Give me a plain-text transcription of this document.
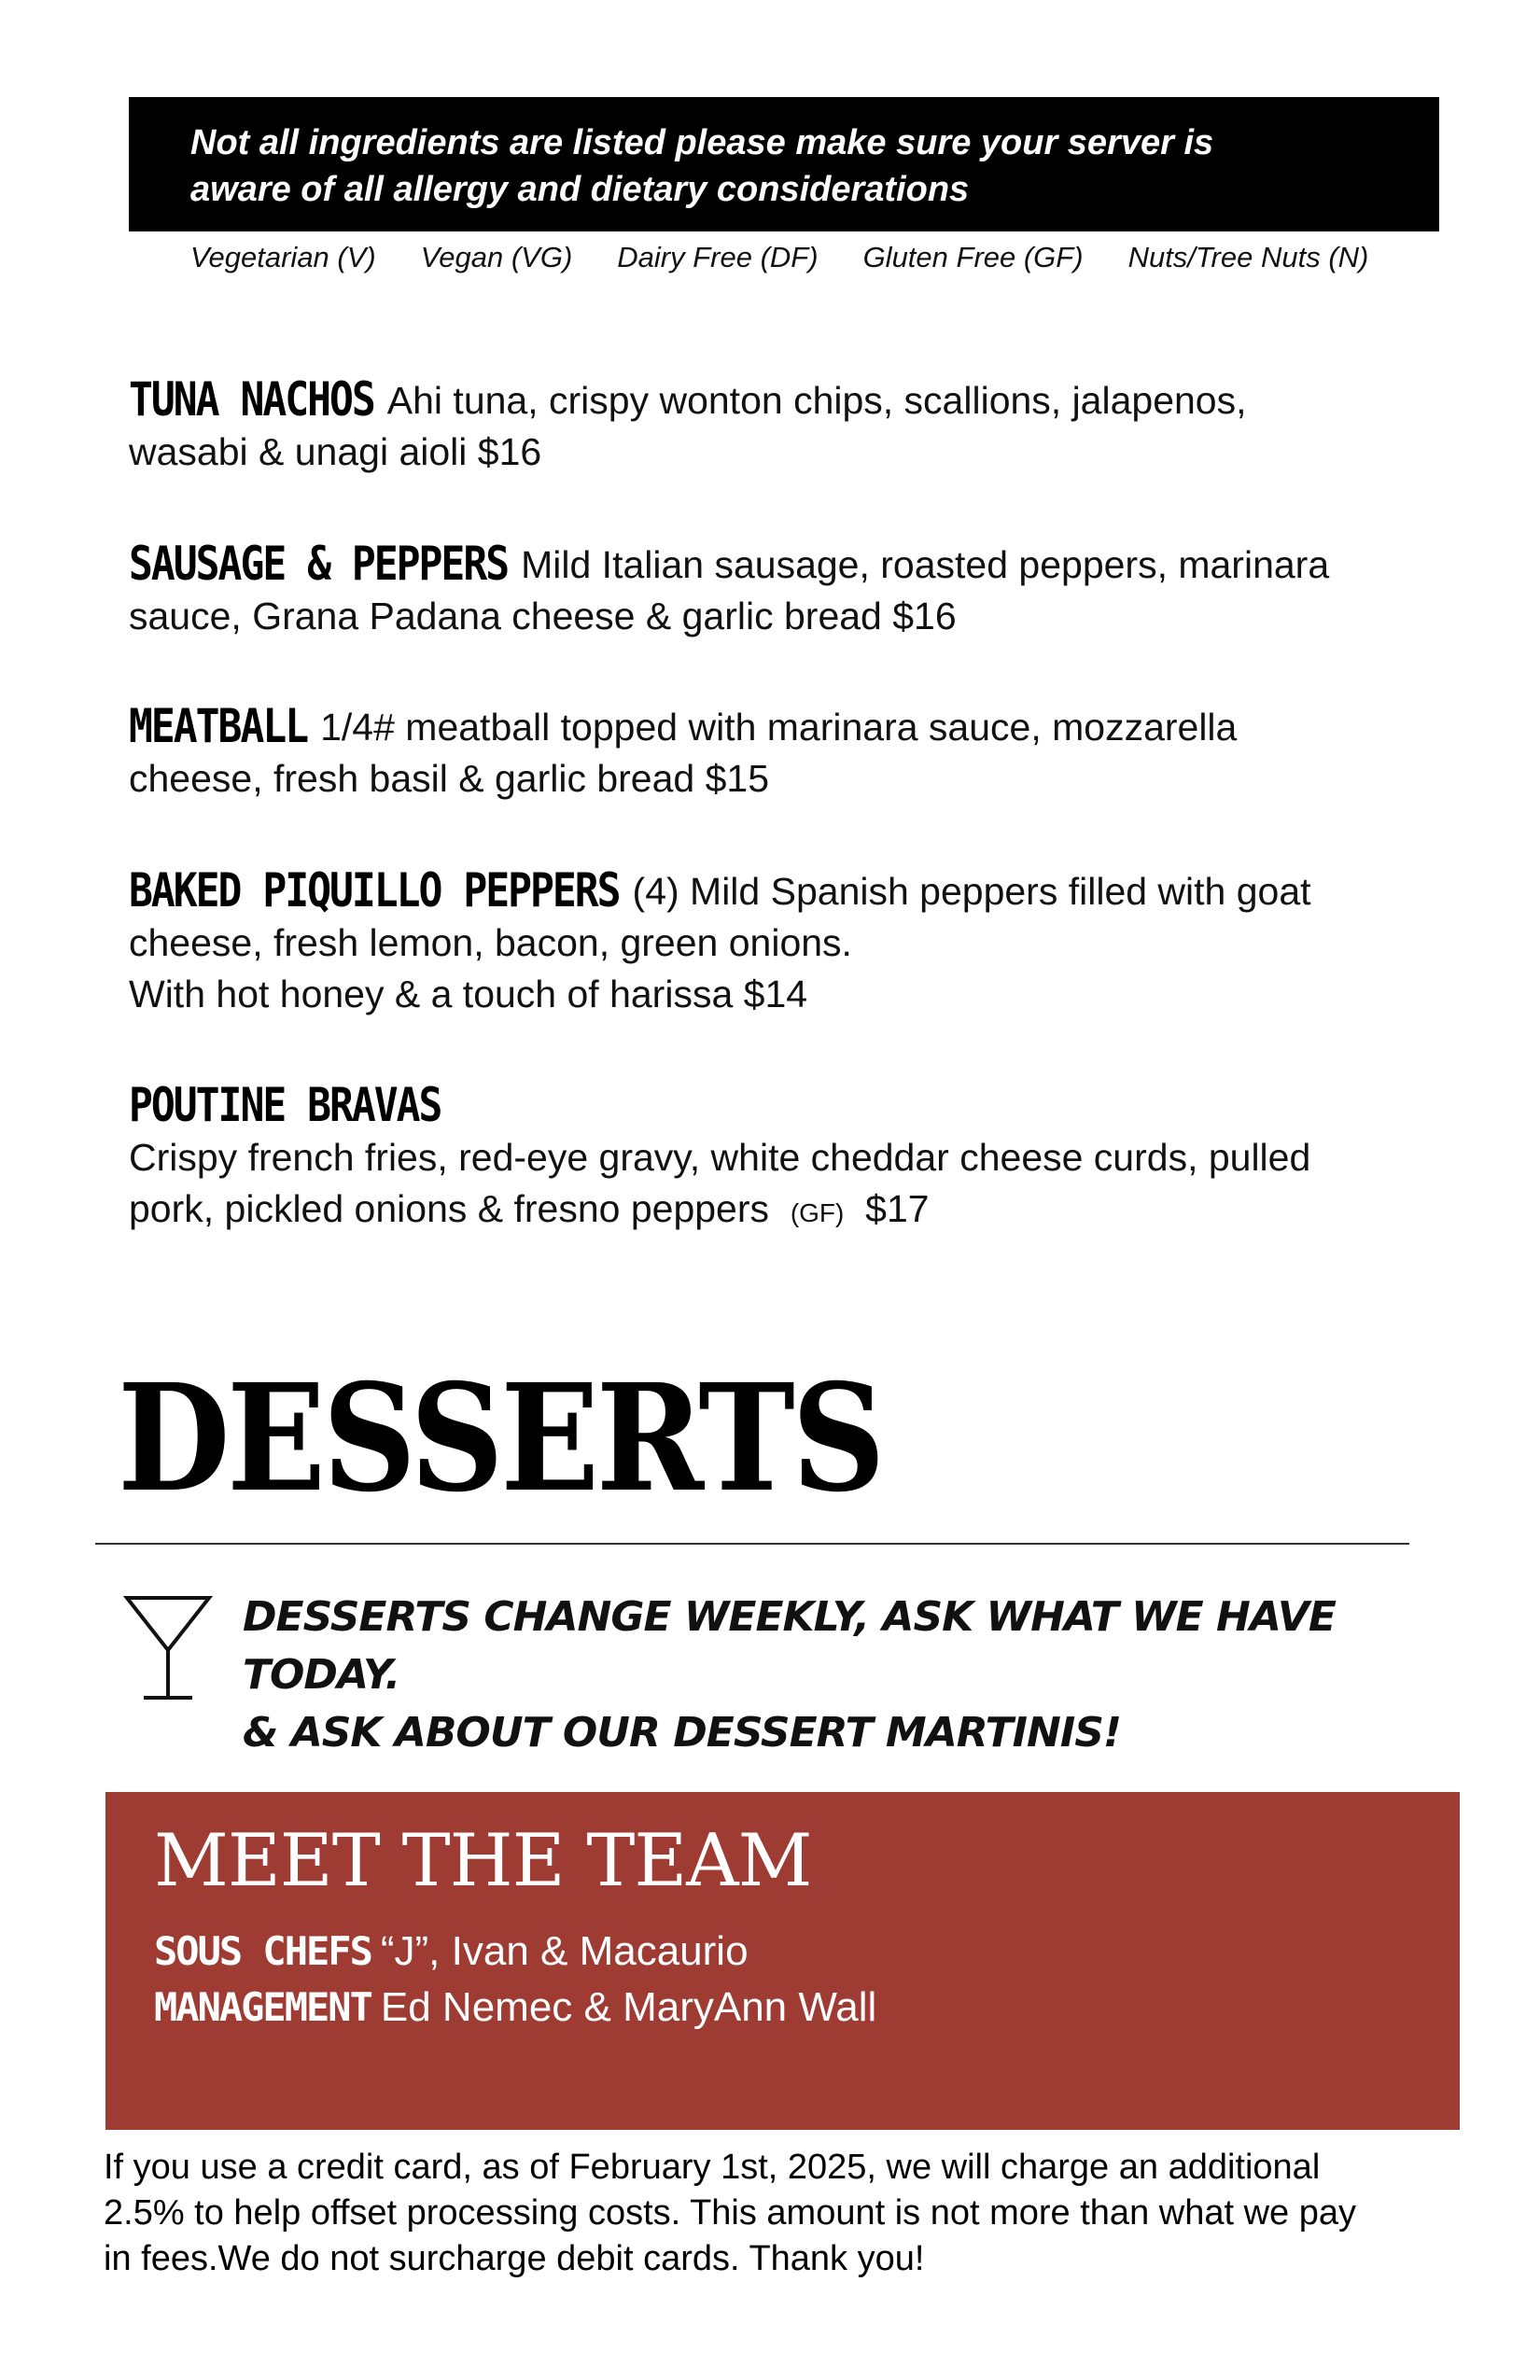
Not all ingredients are listed please make sure your server is
aware of all allergy and dietary considerations
Vegetarian (V) Vegan (VG) Dairy Free (DF) Gluten Free (GF) Nuts/Tree Nuts (N)
TUNA NACHOS Ahi tuna, crispy wonton chips, scallions, jalapenos,
wasabi & unagi aioli $16
SAUSAGE & PEPPERS Mild Italian sausage, roasted peppers, marinara
sauce, Grana Padana cheese & garlic bread $16
MEATBALL 1/4# meatball topped with marinara sauce, mozzarella
cheese, fresh basil & garlic bread $15
BAKED PIQUILLO PEPPERS (4) Mild Spanish peppers filled with goat
cheese, fresh lemon, bacon, green onions.
With hot honey & a touch of harissa $14
POUTINE BRAVAS
Crispy french fries, red-eye gravy, white cheddar cheese curds, pulled
pork, pickled onions & fresno peppers (GF) $17
DESSERTS
DESSERTS CHANGE WEEKLY, ASK WHAT WE HAVE TODAY.
& ASK ABOUT OUR DESSERT MARTINIS!
MEET THE TEAM
SOUS CHEFS “J”, Ivan & Macaurio
MANAGEMENT Ed Nemec & MaryAnn Wall
If you use a credit card, as of February 1st, 2025, we will charge an additional
2.5% to help offset processing costs. This amount is not more than what we pay
in fees.We do not surcharge debit cards. Thank you!
